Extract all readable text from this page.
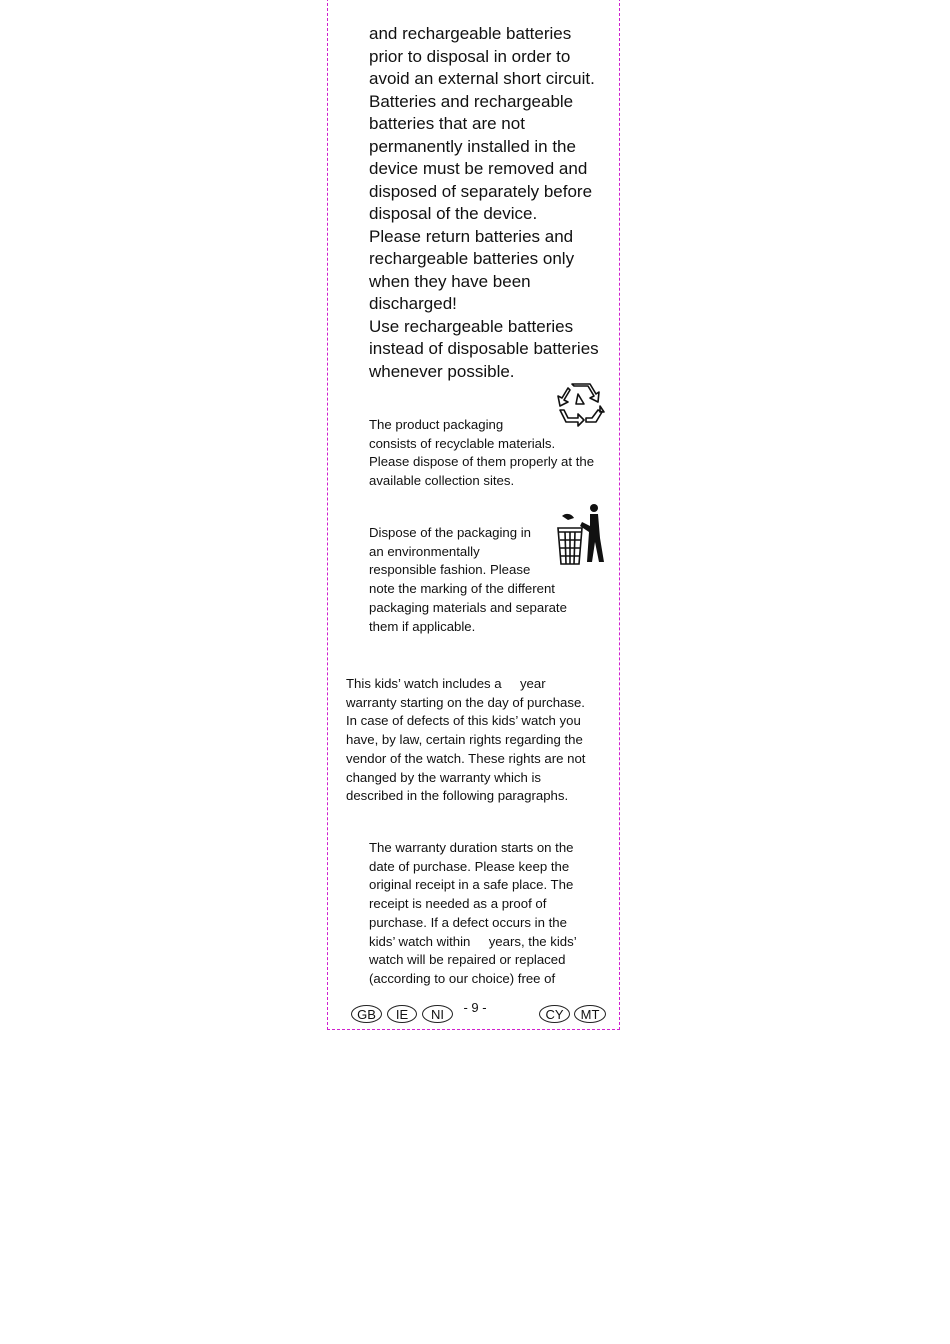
and rechargeable batteries
prior to disposal in order to
avoid an external short circuit.
Batteries and rechargeable
batteries that are not
permanently installed in the
device must be removed and
disposed of separately before
disposal of the device.
Please return batteries and
rechargeable batteries only
when they have been
discharged!
Use rechargeable batteries
instead of disposable batteries
whenever possible.
The product packaging
consists of recyclable materials.
Please dispose of them properly at the
available collection sites.
Dispose of the packaging in
an environmentally
responsible fashion. Please
note the marking of the different
packaging materials and separate
them if applicable.
This kids’ watch includes a     year
warranty starting on the day of purchase.
In case of defects of this kids’ watch you
have, by law, certain rights regarding the
vendor of the watch. These rights are not
changed by the warranty which is
described in the following paragraphs.
The warranty duration starts on the
date of purchase. Please keep the
original receipt in a safe place. The
receipt is needed as a proof of
purchase. If a defect occurs in the
kids’ watch within     years, the kids’
watch will be repaired or replaced
(according to our choice) free of
GB	IE	NI	- 9 -	CY	MT
